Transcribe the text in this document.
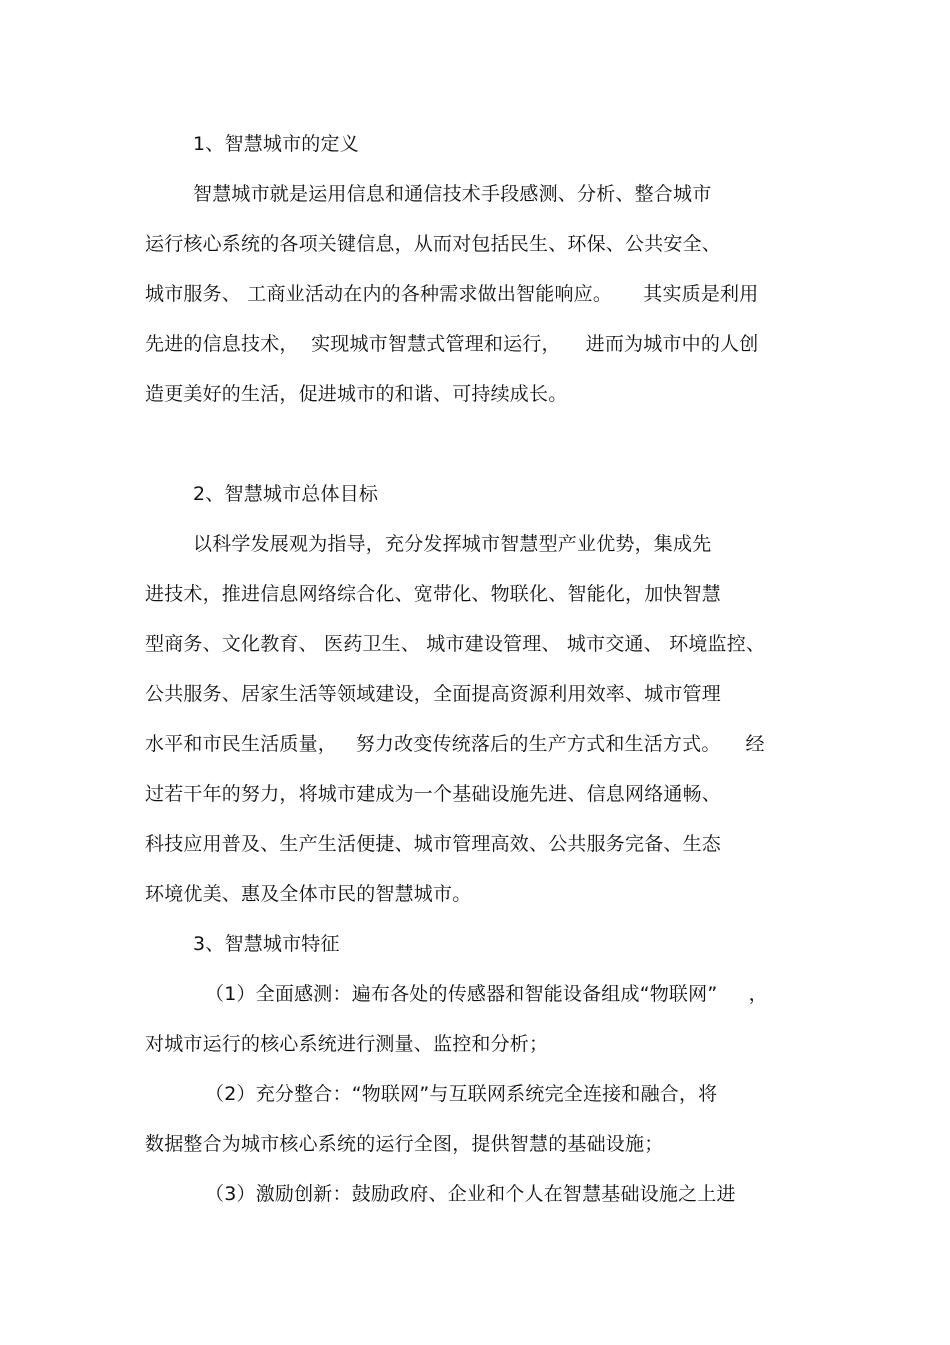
1、智慧城市的定义
智慧城市就是运用信息和通信技术手段感测、分析、整合城市
运行核心系统的各项关键信息，从而对包括民生、环保、公共安全、
城市服务、 工商业活动在内的各种需求做出智能响应。     其实质是利用
先进的信息技术，  实现城市智慧式管理和运行，    进而为城市中的人创
造更美好的生活，促进城市的和谐、可持续成长。
2、智慧城市总体目标
以科学发展观为指导，充分发挥城市智慧型产业优势，集成先
进技术，推进信息网络综合化、宽带化、物联化、智能化，加快智慧
型商务、文化教育、 医药卫生、 城市建设管理、 城市交通、 环境监控、
公共服务、居家生活等领域建设，全面提高资源利用效率、城市管理
水平和市民生活质量，   努力改变传统落后的生产方式和生活方式。    经
过若干年的努力，将城市建成为一个基础设施先进、信息网络通畅、
科技应用普及、生产生活便捷、城市管理高效、公共服务完备、生态
环境优美、惠及全体市民的智慧城市。
3、智慧城市特征
（1）全面感测：遍布各处的传感器和智能设备组成“物联网”     ，
对城市运行的核心系统进行测量、监控和分析；
（2）充分整合：“物联网”与互联网系统完全连接和融合，将
数据整合为城市核心系统的运行全图，提供智慧的基础设施；
（3）激励创新：鼓励政府、企业和个人在智慧基础设施之上进
